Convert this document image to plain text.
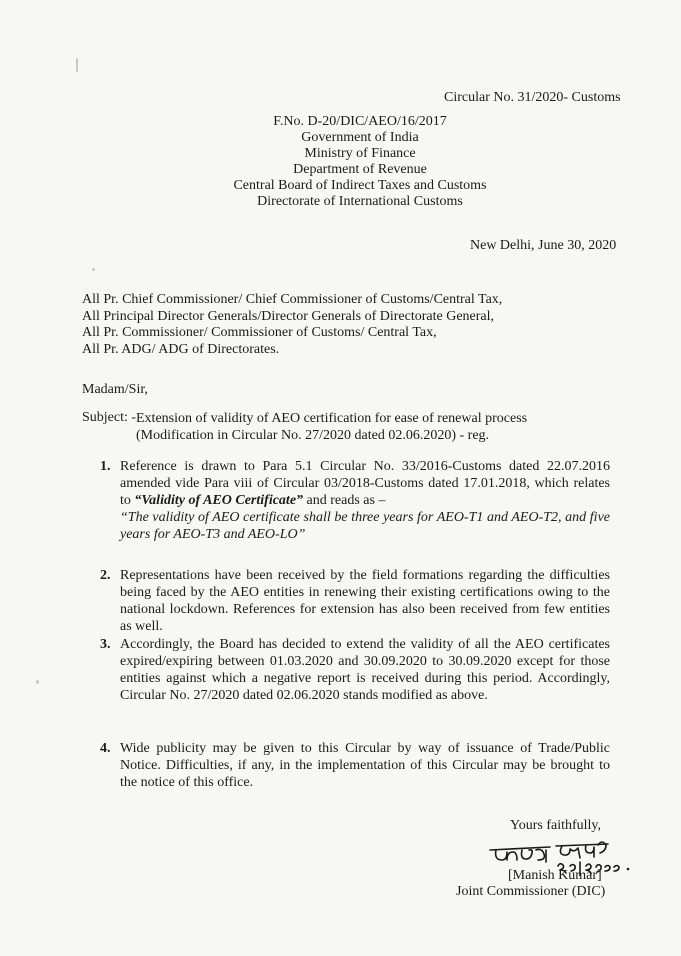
Circular No. 31/2020- Customs

F.No. D-20/DIC/AEO/16/2017
Government of India
Ministry of Finance
Department of Revenue
Central Board of Indirect Taxes and Customs
Directorate of International Customs

New Delhi, June 30, 2020

All Pr. Chief Commissioner/ Chief Commissioner of Customs/Central Tax,
All Principal Director Generals/Director Generals of Directorate General,
All Pr. Commissioner/ Commissioner of Customs/ Central Tax,
All Pr. ADG/ ADG of Directorates.

Madam/Sir,

Subject: - Extension of validity of AEO certification for ease of renewal process (Modification in Circular No. 27/2020 dated 02.06.2020) - reg.

1. Reference is drawn to Para 5.1 Circular No. 33/2016-Customs dated 22.07.2016 amended vide Para viii of Circular 03/2018-Customs dated 17.01.2018, which relates to “Validity of AEO Certificate” and reads as –
“The validity of AEO certificate shall be three years for AEO-T1 and AEO-T2, and five years for AEO-T3 and AEO-LO”
2. Representations have been received by the field formations regarding the difficulties being faced by the AEO entities in renewing their existing certifications owing to the national lockdown. References for extension has also been received from few entities as well.
3. Accordingly, the Board has decided to extend the validity of all the AEO certificates expired/expiring between 01.03.2020 and 30.09.2020 to 30.09.2020 except for those entities against which a negative report is received during this period. Accordingly, Circular No. 27/2020 dated 02.06.2020 stands modified as above.
4. Wide publicity may be given to this Circular by way of issuance of Trade/Public Notice. Difficulties, if any, in the implementation of this Circular may be brought to the notice of this office.

Yours faithfully,

[Manish Kumar]

Joint Commissioner (DIC)
